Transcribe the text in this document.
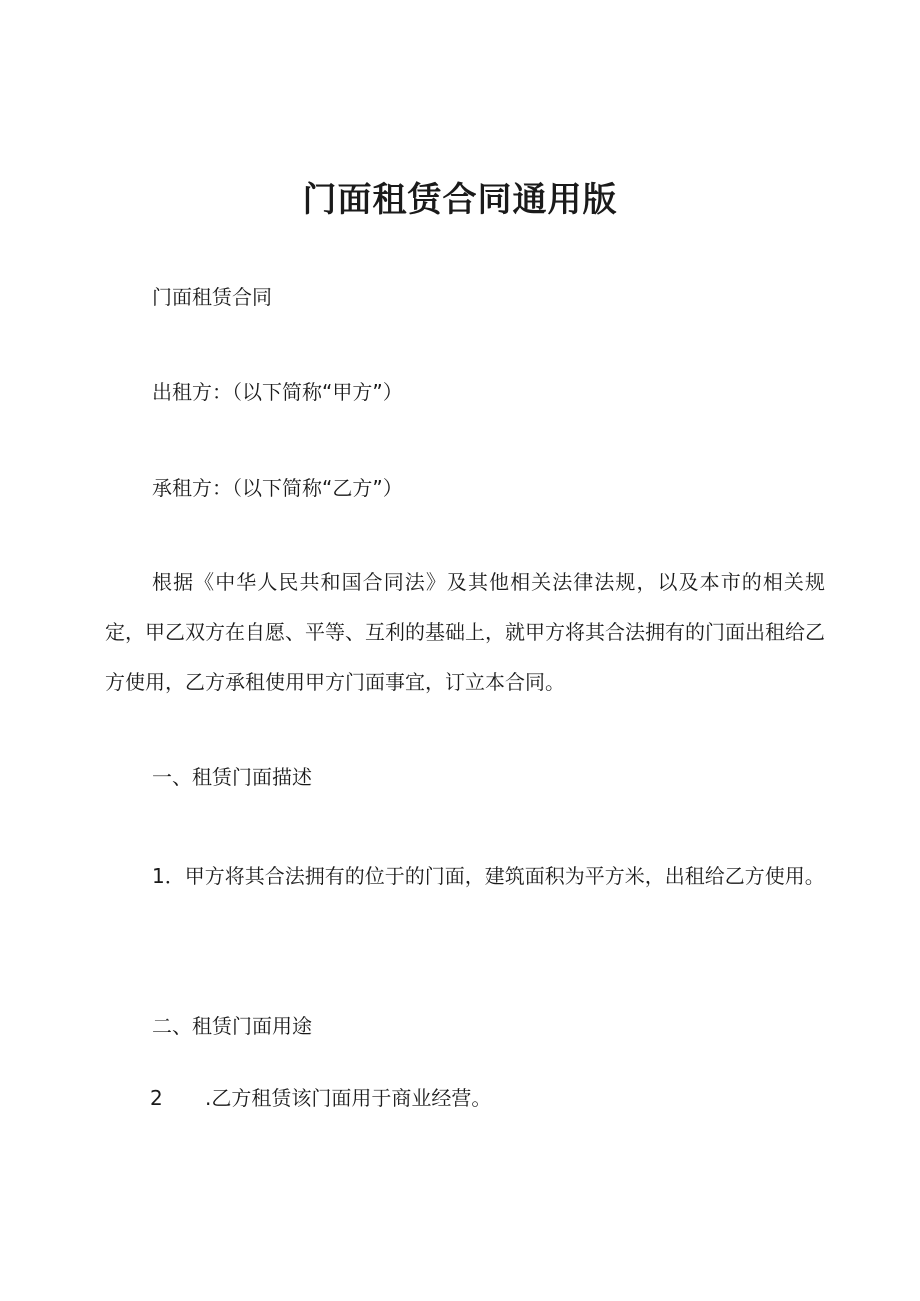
门面租赁合同通用版

门面租赁合同

出租方：（以下简称“甲方”）

承租方：（以下简称“乙方”）

根据《中华人民共和国合同法》及其他相关法律法规，以及本市的相关规定，甲乙双方在自愿、平等、互利的基础上，就甲方将其合法拥有的门面出租给乙方使用，乙方承租使用甲方门面事宜，订立本合同。

一、租赁门面描述

1．甲方将其合法拥有的位于的门面，建筑面积为平方米，出租给乙方使用。

二、租赁门面用途

2 .乙方租赁该门面用于商业经营。
